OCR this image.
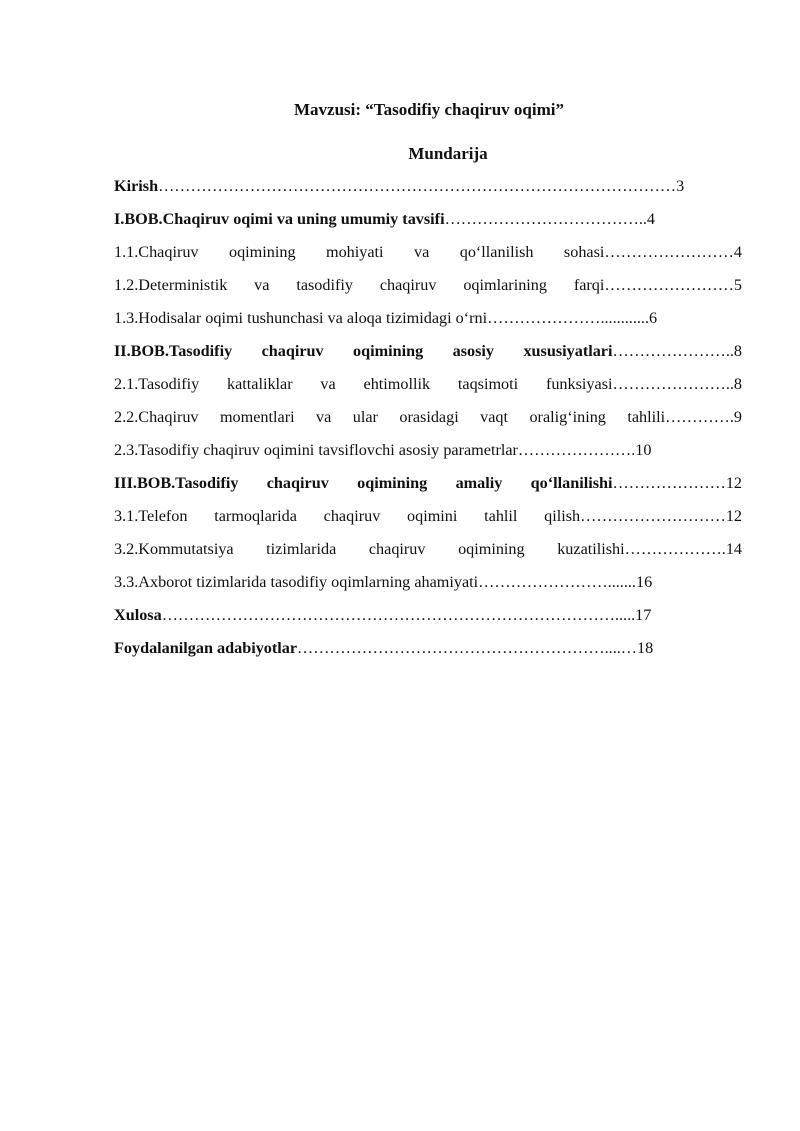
Mavzusi: “Tasodifiy chaqiruv oqimi”
Mundarija
Kirish……………………………………………………………………………………3
I.BOB.Chaqiruv oqimi va uning umumiy tavsifi………………………………..4
1.1.Chaqiruv oqimining mohiyati va qo‘llanilish sohasi……………………4
1.2.Deterministik va tasodifiy chaqiruv oqimlarining farqi……………………5
1.3.Hodisalar oqimi tushunchasi va aloqa tizimidagi o‘rni…………………............6
II.BOB.Tasodifiy chaqiruv oqimining asosiy xususiyatlari…………………..8
2.1.Tasodifiy kattaliklar va ehtimollik taqsimoti funksiyasi…………………..8
2.2.Chaqiruv momentlari va ular orasidagi vaqt oralig‘ining tahlili………….9
2.3.Tasodifiy chaqiruv oqimini tavsiflovchi asosiy parametrlar………………….10
III.BOB.Tasodifiy chaqiruv oqimining amaliy qo‘llanilishi…………………12
3.1.Telefon tarmoqlarida chaqiruv oqimini tahlil qilish………………………12
3.2.Kommutatsiya tizimlarida chaqiruv oqimining kuzatilishi……………….14
3.3.Axborot tizimlarida tasodifiy oqimlarning ahamiyati…………………….......16
Xulosa………………………………………………………………………….....17
Foydalanilgan adabiyotlar…………………………………………………....…18
